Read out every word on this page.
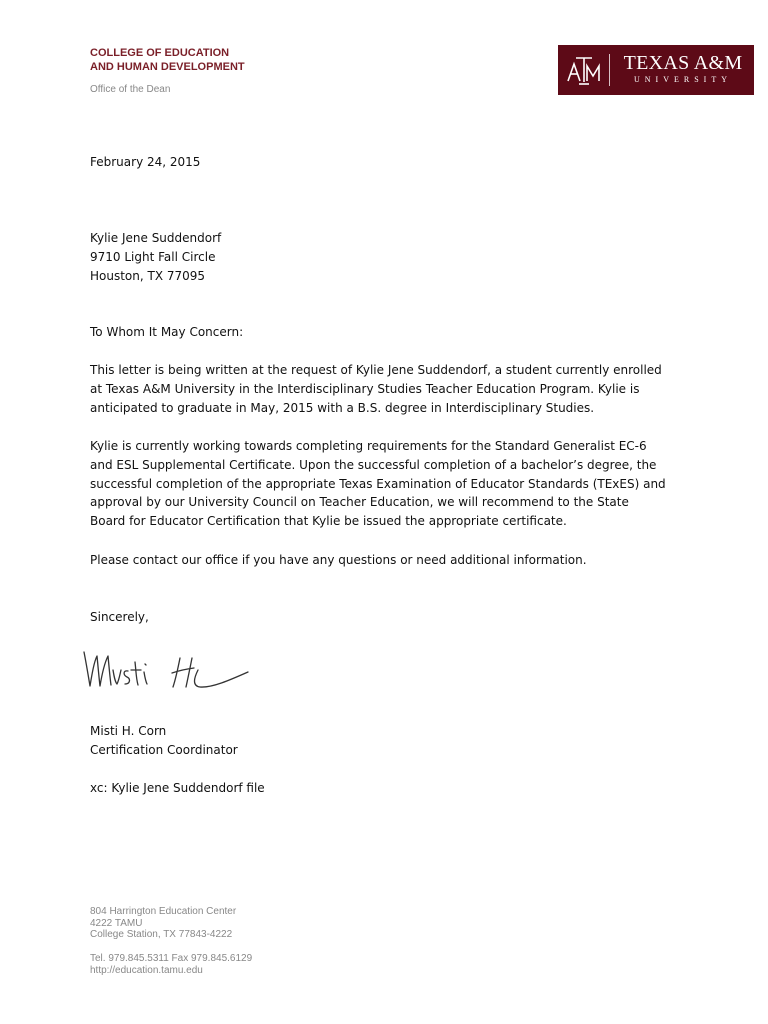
COLLEGE OF EDUCATION
AND HUMAN DEVELOPMENT
Office of the Dean
TEXAS A&M
UNIVERSITY
February 24, 2015
Kylie Jene Suddendorf
9710 Light Fall Circle
Houston, TX 77095
To Whom It May Concern:
This letter is being written at the request of Kylie Jene Suddendorf, a student currently enrolled
at Texas A&M University in the Interdisciplinary Studies Teacher Education Program. Kylie is
anticipated to graduate in May, 2015 with a B.S. degree in Interdisciplinary Studies.
Kylie is currently working towards completing requirements for the Standard Generalist EC-6
and ESL Supplemental Certificate. Upon the successful completion of a bachelor’s degree, the
successful completion of the appropriate Texas Examination of Educator Standards (TExES) and
approval by our University Council on Teacher Education, we will recommend to the State
Board for Educator Certification that Kylie be issued the appropriate certificate.
Please contact our office if you have any questions or need additional information.
Sincerely,
Misti H. Corn
Certification Coordinator
xc: Kylie Jene Suddendorf file
804 Harrington Education Center
4222 TAMU
College Station, TX 77843-4222
Tel. 979.845.5311 Fax 979.845.6129
http://education.tamu.edu
